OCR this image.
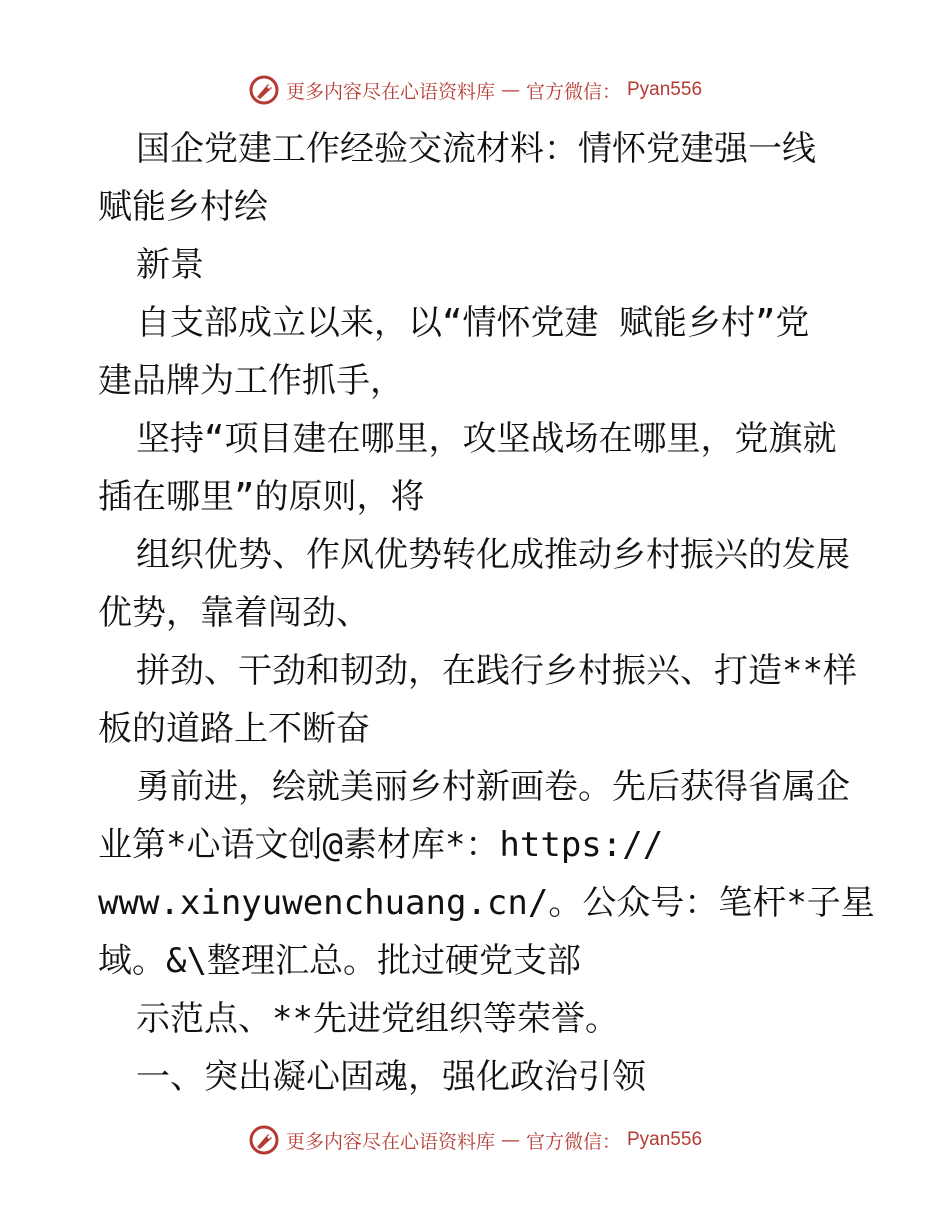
更多内容尽在心语资料库 — 官方微信： Pyan556
国企党建工作经验交流材料：情怀党建强一线
赋能乡村绘
新景
自支部成立以来，以“情怀党建 赋能乡村”党
建品牌为工作抓手，
坚持“项目建在哪里，攻坚战场在哪里，党旗就
插在哪里”的原则，将
组织优势、作风优势转化成推动乡村振兴的发展
优势，靠着闯劲、
拼劲、干劲和韧劲，在践行乡村振兴、打造**样
板的道路上不断奋
勇前进，绘就美丽乡村新画卷。先后获得省属企
业第*心语文创@素材库*：https://
www.xinyuwenchuang.cn/。公众号：笔杆*子星
域。&\整理汇总。批过硬党支部
示范点、**先进党组织等荣誉。
一、突出凝心固魂，强化政治引领
更多内容尽在心语资料库 — 官方微信： Pyan556
